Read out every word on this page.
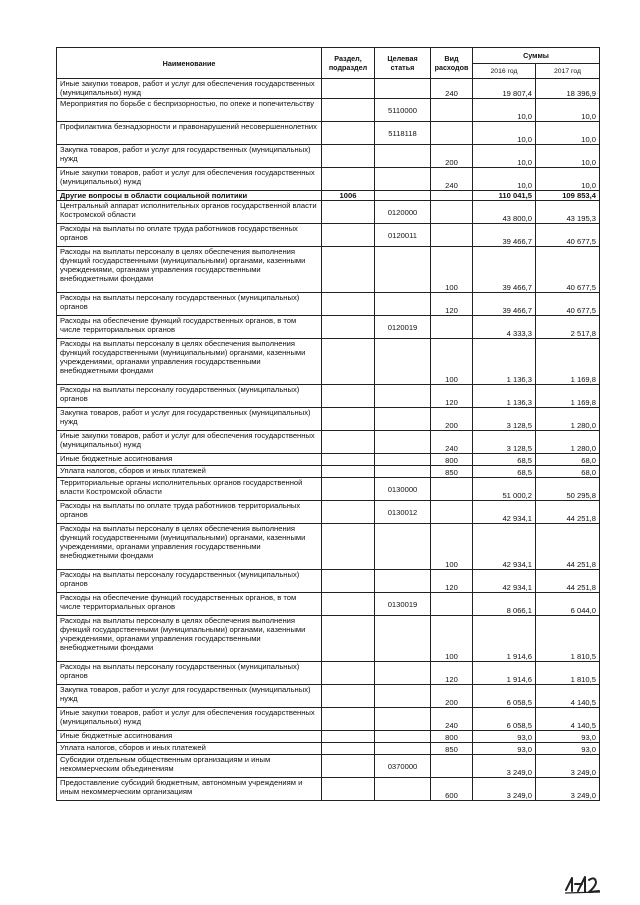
Наименование	Раздел, подраздел	Целевая статья	Вид расходов	Суммы	
				2016 год	2017 год
Иные закупки товаров, работ и услуг для обеспечения государственных (муниципальных) нужд			240	19 807,4	18 396,9
Мероприятия по борьбе с беспризорностью, по опеке и попечительству		5110000		10,0	10,0
Профилактика безнадзорности и правонарушений несовершеннолетних		5118118		10,0	10,0
Закупка товаров, работ и услуг для государственных (муниципальных) нужд			200	10,0	10,0
Иные закупки товаров, работ и услуг для обеспечения государственных (муниципальных) нужд			240	10,0	10,0
Другие вопросы в области социальной политики	1006			110 041,5	109 853,4
Центральный аппарат исполнительных органов государственной власти Костромской области		0120000		43 800,0	43 195,3
Расходы на выплаты по оплате труда работников государственных органов		0120011		39 466,7	40 677,5
Расходы на выплаты персоналу в целях обеспечения выполнения функций государственными (муниципальными) органами, казенными учреждениями, органами управления государственными внебюджетными фондами			100	39 466,7	40 677,5
Расходы на выплаты персоналу государственных (муниципальных) органов			120	39 466,7	40 677,5
Расходы на обеспечение функций государственных органов, в том числе территориальных органов		0120019		4 333,3	2 517,8
Расходы на выплаты персоналу в целях обеспечения выполнения функций государственными (муниципальными) органами, казенными учреждениями, органами управления государственными внебюджетными фондами			100	1 136,3	1 169,8
Расходы на выплаты персоналу государственных (муниципальных) органов			120	1 136,3	1 169,8
Закупка товаров, работ и услуг для государственных (муниципальных) нужд			200	3 128,5	1 280,0
Иные закупки товаров, работ и услуг для обеспечения государственных (муниципальных) нужд			240	3 128,5	1 280,0
Иные бюджетные ассигнования			800	68,5	68,0
Уплата налогов, сборов и иных платежей			850	68,5	68,0
Территориальные органы исполнительных органов государственной власти Костромской области		0130000		51 000,2	50 295,8
Расходы на выплаты по оплате труда работников территориальных органов		0130012		42 934,1	44 251,8
Расходы на выплаты персоналу в целях обеспечения выполнения функций государственными (муниципальными) органами, казенными учреждениями, органами управления государственными внебюджетными фондами			100	42 934,1	44 251,8
Расходы на выплаты персоналу государственных (муниципальных) органов			120	42 934,1	44 251,8
Расходы на обеспечение функций государственных органов, в том числе территориальных органов		0130019		8 066,1	6 044,0
Расходы на выплаты персоналу в целях обеспечения выполнения функций государственными (муниципальными) органами, казенными учреждениями, органами управления государственными внебюджетными фондами			100	1 914,6	1 810,5
Расходы на выплаты персоналу государственных (муниципальных) органов			120	1 914,6	1 810,5
Закупка товаров, работ и услуг для государственных (муниципальных) нужд			200	6 058,5	4 140,5
Иные закупки товаров, работ и услуг для обеспечения государственных (муниципальных) нужд			240	6 058,5	4 140,5
Иные бюджетные ассигнования			800	93,0	93,0
Уплата налогов, сборов и иных платежей			850	93,0	93,0
Субсидии отдельным общественным организациям и иным некоммерческим объединениям		0370000		3 249,0	3 249,0
Предоставление субсидий бюджетным, автономным учреждениям и иным некоммерческим организациям			600	3 249,0	3 249,0
